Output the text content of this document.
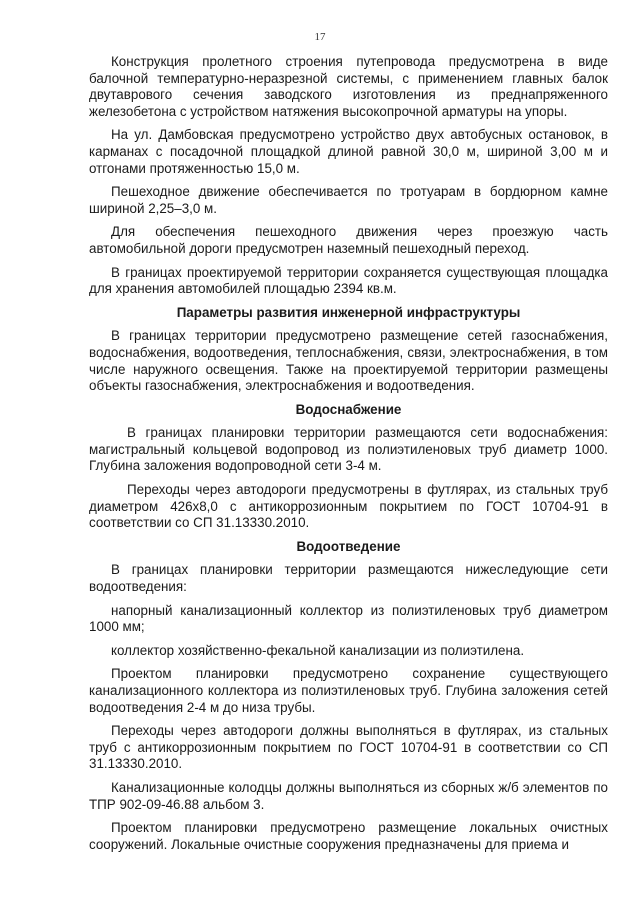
17

Конструкция пролетного строения путепровода предусмотрена в виде балочной температурно-неразрезной системы, с применением главных балок двутаврового сечения заводского изготовления из преднапряженного железобетона с устройством натяжения высокопрочной арматуры на упоры.

На ул. Дамбовская предусмотрено устройство двух автобусных остановок, в карманах с посадочной площадкой длиной равной 30,0 м, шириной 3,00 м и отгонами протяженностью 15,0 м.

Пешеходное движение обеспечивается по тротуарам в бордюрном камне шириной 2,25–3,0 м.

Для обеспечения пешеходного движения через проезжую часть автомобильной дороги предусмотрен наземный пешеходный переход.

В границах проектируемой территории сохраняется существующая площадка для хранения автомобилей площадью 2394 кв.м.

Параметры развития инженерной инфраструктуры

В границах территории предусмотрено размещение сетей газоснабжения, водоснабжения, водоотведения, теплоснабжения, связи, электроснабжения, в том числе наружного освещения. Также на проектируемой территории размещены объекты газоснабжения, электроснабжения и водоотведения.

Водоснабжение

В границах планировки территории размещаются сети водоснабжения: магистральный кольцевой водопровод из полиэтиленовых труб диаметр 1000. Глубина заложения водопроводной сети 3-4 м.

Переходы через автодороги предусмотрены в футлярах, из стальных труб диаметром 426х8,0 с антикоррозионным покрытием по ГОСТ 10704-91 в соответствии со СП 31.13330.2010.

Водоотведение

В границах планировки территории размещаются нижеследующие сети водоотведения:

напорный канализационный коллектор из полиэтиленовых труб диаметром 1000 мм;

коллектор хозяйственно-фекальной канализации из полиэтилена.

Проектом планировки предусмотрено сохранение существующего канализационного коллектора из полиэтиленовых труб. Глубина заложения сетей водоотведения 2-4 м до низа трубы.

Переходы через автодороги должны выполняться в футлярах, из стальных труб с антикоррозионным покрытием по ГОСТ 10704-91 в соответствии со СП 31.13330.2010.

Канализационные колодцы должны выполняться из сборных ж/б элементов по ТПР 902-09-46.88 альбом 3.

Проектом планировки предусмотрено размещение локальных очистных сооружений. Локальные очистные сооружения предназначены для приема и
